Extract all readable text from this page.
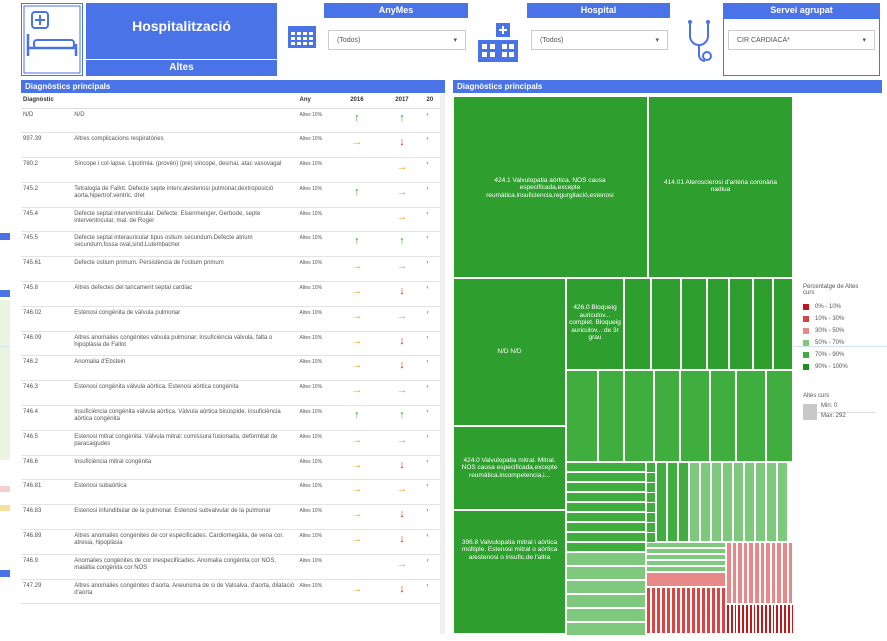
Hospitalització
Altes
AnyMes
(Todos)	▾
Hospital
(Todos)	▾
Servei agrupat
CIR CARDIACA*	▾
Diagnòstics principals
Diagnòstic		Any	2016	2017	20
N/D	N/D	Altes 10%	↑	↑	‹
997.39	Altres complicacions respiratòries	Altes 10%	→	↓	‹
780.2	Síncope i col·lapse. Lipotímia. (provén) (pre) síncope, desmai, atac vasovagal	Altes 10%		→	‹
745.2	Tetralogia de Fallot. Defecte septe interv.alestenosi pulmonar,dextroposició aorta,hipertrof.ventric. dret	Altes 10%	↑	→	‹
745.4	Defecte septal interventricular. Defecte: Eisenmenger, Gerbode, septe interventricular, mal. de Roger	Altes 10%		→	‹
745.5	Defecte septal interauricular tipus ostium secundum.Defecte atrium secundum,fossa oval,sind.Lutembacher	Altes 10%	↑	↑	‹
745.61	Defecte ostium primum. Persistència de l'ostium primum	Altes 10%	→	→	‹
745.8	Altres defectes del tancament septal cardíac	Altes 10%	→	↓	‹
746.02	Estenosi congènita de vàlvula pulmonar	Altes 10%	→	→	‹
746.09	Altres anomalies congènites vàlvula pulmonar. Insuficiència vàlvula, falta o hipoplàsia de Fallot	Altes 10%	→	↓	‹
746.2	Anomalia d'Ebstein	Altes 10%	→	↓	‹
746.3	Estenosi congènita vàlvula aòrtica. Estenosi aòrtica congènita	Altes 10%	→	→	‹
746.4	Insuficiència congènita vàlvula aòrtica. Vàlvula aòrtica bicúspide, insuficiència aòrtica congènita	Altes 10%	↑	↑	‹
746.5	Estenosi mitral congènita. Vàlvula mitral: comissura fusionada, deformitat de paracaigudes	Altes 10%	→	→	‹
746.6	Insuficiència mitral congènita	Altes 10%	→	↓	‹
746.81	Estenosi subaòrtica	Altes 10%	→	→	‹
746.83	Estenosi infundibular de la pulmonar. Estenosi subvalvular de la pulmonar	Altes 10%	→	↓	‹
746.89	Altres anomalies congènites de cor especificades. Cardiomegàlia, de vena cor. atresia, hipoplàsia	Altes 10%	→	↓	‹
746.9	Anomalies congènites de cor inespecificades. Anomalia congènita cor NOS, malaltia congènita cor NOS	Altes 10%		→	‹
747.29	Altres anomalies congènites d'aorta. Aneurisma de si de Valsalva, d'aorta, dilatació d'aorta	Altes 10%	→	↓	‹
Diagnòstics principals
424.1 Valvulopatia aòrtica. NOS causa especificada,excepte reumàtica.insuficiencia,regurgitació,estenosi
414.01 Aterosclerosi d'artèria coronària nadiua
N/D N/D
426.0 Bloqueig auriculov... complet. Bloqueig auriculov... de 3r grau
424.0 Valvulopatia mitral. Mitral. NOS causa especificada,excepte reumàtica.incompetencia,i...
396.8 Valvulopatia mitral i aòrtica múltiple. Estenosi mitral o aòrtica a/estenosi o insufic.de l'altra
Percentatge de Altes
curs
0% - 10%
10% - 30%
30% - 50%
50% - 70%
70% - 90%
90% - 100%
Altes curs
Min: 0
Max: 292
